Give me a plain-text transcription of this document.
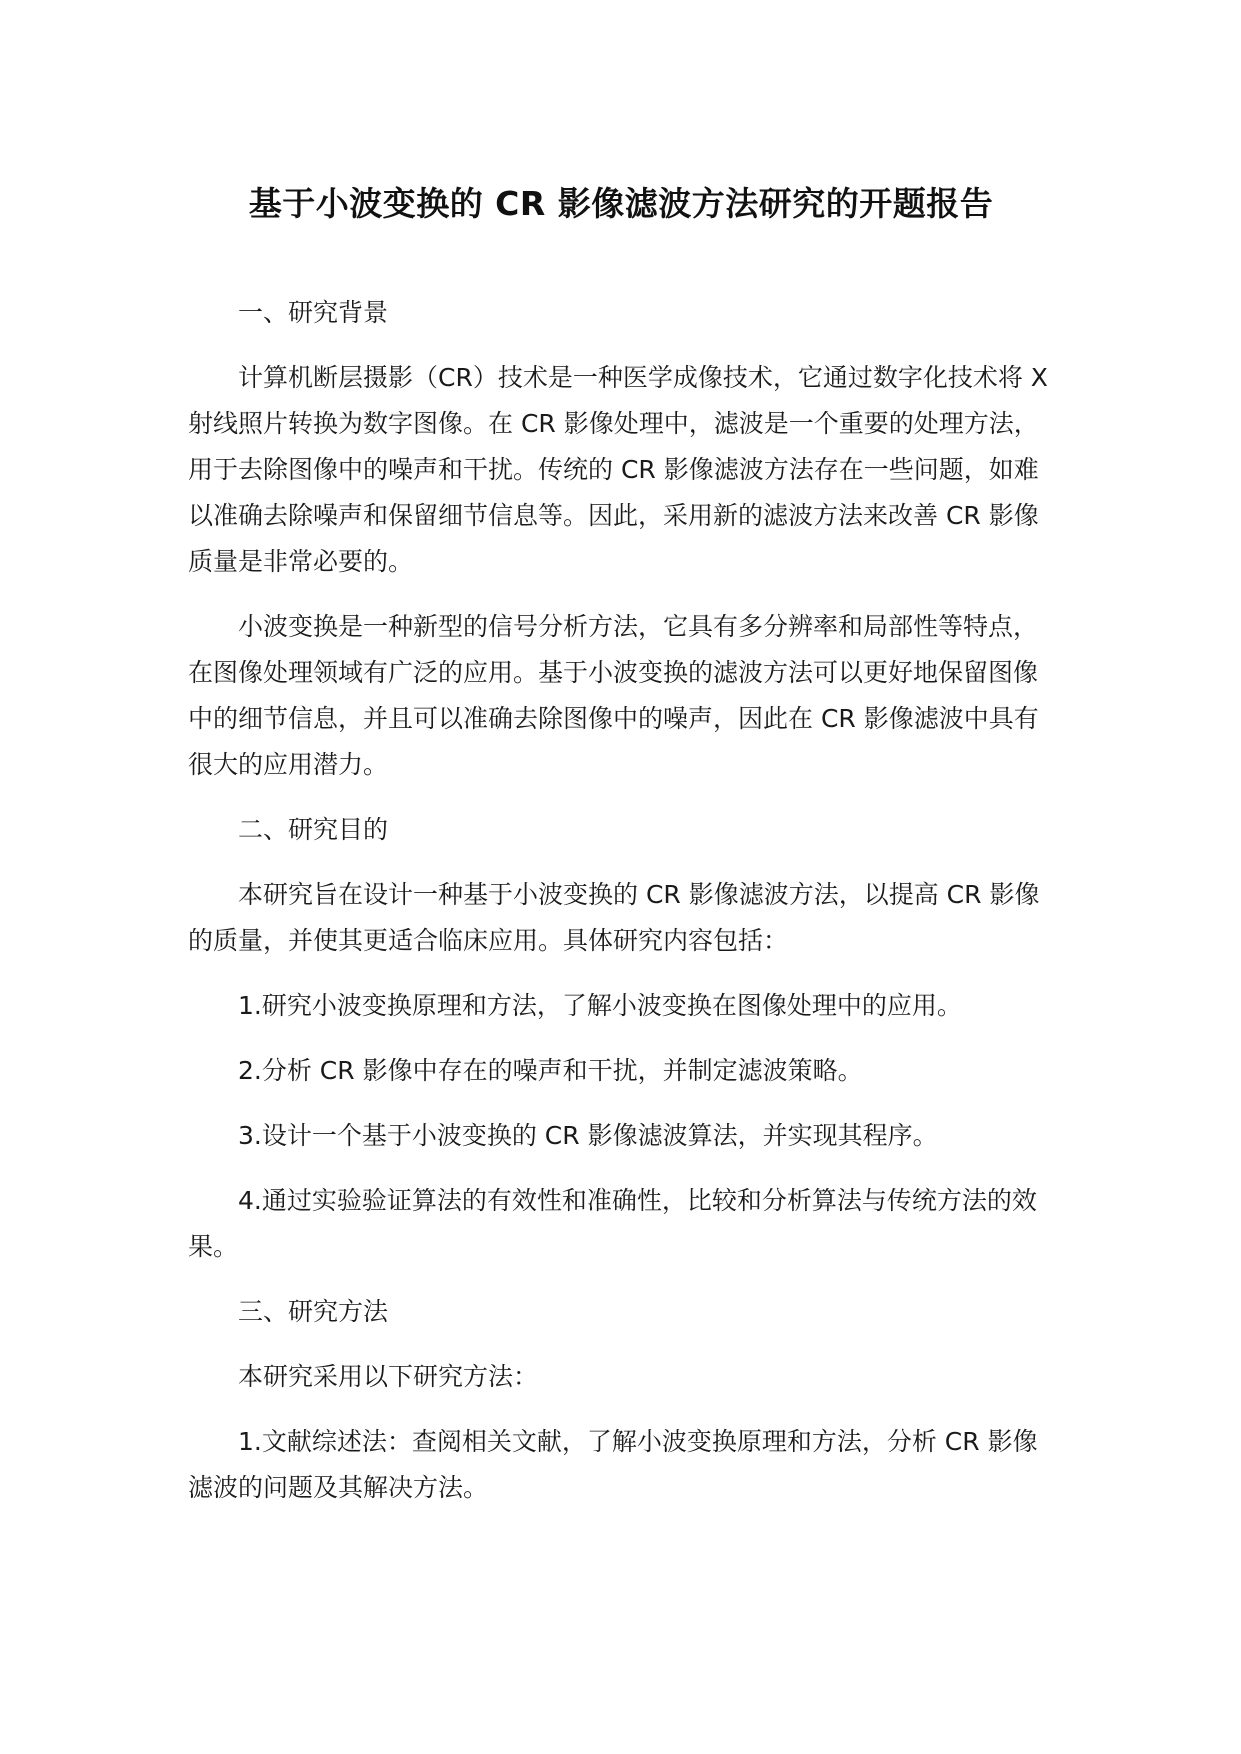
基于小波变换的 CR 影像滤波方法研究的开题报告

一、研究背景

计算机断层摄影（CR）技术是一种医学成像技术，它通过数字化技术将 X 射线照片转换为数字图像。在 CR 影像处理中，滤波是一个重要的处理方法，用于去除图像中的噪声和干扰。传统的 CR 影像滤波方法存在一些问题，如难以准确去除噪声和保留细节信息等。因此，采用新的滤波方法来改善 CR 影像质量是非常必要的。

小波变换是一种新型的信号分析方法，它具有多分辨率和局部性等特点，在图像处理领域有广泛的应用。基于小波变换的滤波方法可以更好地保留图像中的细节信息，并且可以准确去除图像中的噪声，因此在 CR 影像滤波中具有很大的应用潜力。

二、研究目的

本研究旨在设计一种基于小波变换的 CR 影像滤波方法，以提高 CR 影像的质量，并使其更适合临床应用。具体研究内容包括：

1.研究小波变换原理和方法，了解小波变换在图像处理中的应用。

2.分析 CR 影像中存在的噪声和干扰，并制定滤波策略。

3.设计一个基于小波变换的 CR 影像滤波算法，并实现其程序。

4.通过实验验证算法的有效性和准确性，比较和分析算法与传统方法的效果。

三、研究方法

本研究采用以下研究方法：

1.文献综述法：查阅相关文献，了解小波变换原理和方法，分析 CR 影像滤波的问题及其解决方法。
